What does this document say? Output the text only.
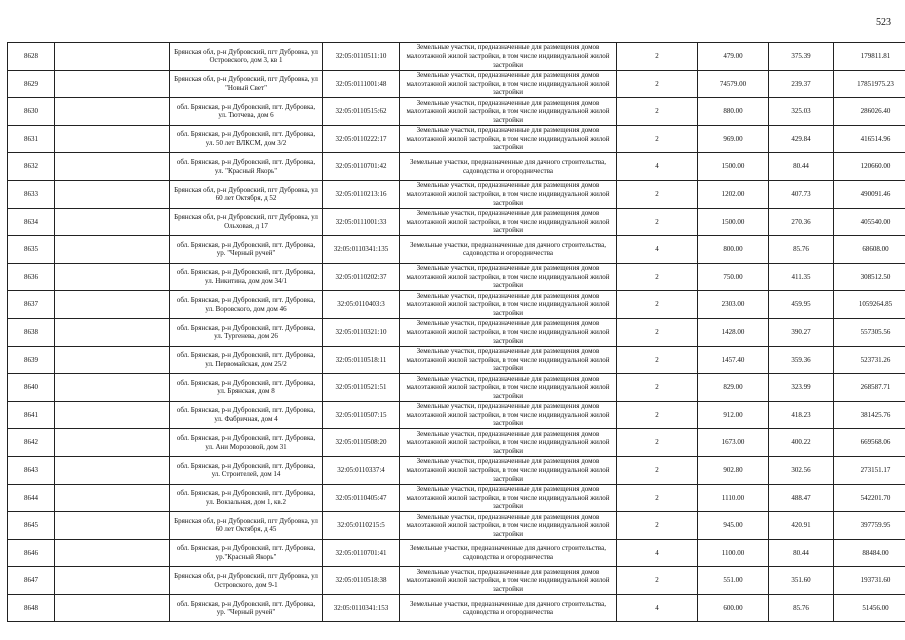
523
8628		Брянская обл, р-н Дубровский, пгт Дубровка, ул Островского, дом 3, кв 1	32:05:0110511:10	Земельные участки, предназначенные для размещения домов малоэтажной жилой застройки, в том числе индивидуальной жилой застройки	2	479.00	375.39	179811.81
8629		Брянская обл, р-н Дубровский, пгт Дубровка, ул "Новый Свет"	32:05:0111001:48	Земельные участки, предназначенные для размещения домов малоэтажной жилой застройки, в том числе индивидуальной жилой застройки	2	74579.00	239.37	17851975.23
8630		обл. Брянская, р-н Дубровский, пгт. Дубровка, ул. Тютчева, дом 6	32:05:0110515:62	Земельные участки, предназначенные для размещения домов малоэтажной жилой застройки, в том числе индивидуальной жилой застройки	2	880.00	325.03	286026.40
8631		обл. Брянская, р-н Дубровский, пгт. Дубровка, ул. 50 лет ВЛКСМ, дом 3/2	32:05:0110222:17	Земельные участки, предназначенные для размещения домов малоэтажной жилой застройки, в том числе индивидуальной жилой застройки	2	969.00	429.84	416514.96
8632		обл. Брянская, р-н Дубровский, пгт. Дубровка, ул. "Красный Якорь"	32:05:0110701:42	Земельные участки, предназначенные для дачного строительства, садоводства и огородничества	4	1500.00	80.44	120660.00
8633		Брянская обл, р-н Дубровский, пгт Дубровка, ул 60 лет Октября, д 52	32:05:0110213:16	Земельные участки, предназначенные для размещения домов малоэтажной жилой застройки, в том числе индивидуальной жилой застройки	2	1202.00	407.73	490091.46
8634		Брянская обл, р-н Дубровский, пгт Дубровка, ул Ольховая, д 17	32:05:0111001:33	Земельные участки, предназначенные для размещения домов малоэтажной жилой застройки, в том числе индивидуальной жилой застройки	2	1500.00	270.36	405540.00
8635		обл. Брянская, р-н Дубровский, пгт. Дубровка, ур. "Черный ручей"	32:05:0110341:135	Земельные участки, предназначенные для дачного строительства, садоводства и огородничества	4	800.00	85.76	68608.00
8636		обл. Брянская, р-н Дубровский, пгт. Дубровка, ул. Никитина, дом дом 34/1	32:05:0110202:37	Земельные участки, предназначенные для размещения домов малоэтажной жилой застройки, в том числе индивидуальной жилой застройки	2	750.00	411.35	308512.50
8637		обл. Брянская, р-н Дубровский, пгт. Дубровка, ул. Воровского, дом дом 46	32:05:0110403:3	Земельные участки, предназначенные для размещения домов малоэтажной жилой застройки, в том числе индивидуальной жилой застройки	2	2303.00	459.95	1059264.85
8638		обл. Брянская, р-н Дубровский, пгт. Дубровка, ул. Тургенева, дом 26	32:05:0110321:10	Земельные участки, предназначенные для размещения домов малоэтажной жилой застройки, в том числе индивидуальной жилой застройки	2	1428.00	390.27	557305.56
8639		обл. Брянская, р-н Дубровский, пгт. Дубровка, ул. Первомайская, дом 25/2	32:05:0110518:11	Земельные участки, предназначенные для размещения домов малоэтажной жилой застройки, в том числе индивидуальной жилой застройки	2	1457.40	359.36	523731.26
8640		обл. Брянская, р-н Дубровский, пгт. Дубровка, ул. Брянская, дом 8	32:05:0110521:51	Земельные участки, предназначенные для размещения домов малоэтажной жилой застройки, в том числе индивидуальной жилой застройки	2	829.00	323.99	268587.71
8641		обл. Брянская, р-н Дубровский, пгт. Дубровка, ул. Фабричная, дом 4	32:05:0110507:15	Земельные участки, предназначенные для размещения домов малоэтажной жилой застройки, в том числе индивидуальной жилой застройки	2	912.00	418.23	381425.76
8642		обл. Брянская, р-н Дубровский, пгт. Дубровка, ул. Ани Морозовой, дом 31	32:05:0110508:20	Земельные участки, предназначенные для размещения домов малоэтажной жилой застройки, в том числе индивидуальной жилой застройки	2	1673.00	400.22	669568.06
8643		обл. Брянская, р-н Дубровский, пгт. Дубровка, ул. Строителей, дом 14	32:05:0110337:4	Земельные участки, предназначенные для размещения домов малоэтажной жилой застройки, в том числе индивидуальной жилой застройки	2	902.80	302.56	273151.17
8644		обл. Брянская, р-н Дубровский, пгт. Дубровка, ул. Вокзальная, дом 1, кв.2	32:05:0110405:47	Земельные участки, предназначенные для размещения домов малоэтажной жилой застройки, в том числе индивидуальной жилой застройки	2	1110.00	488.47	542201.70
8645		Брянская обл, р-н Дубровский, пгт Дубровка, ул 60 лет Октября, д 45	32:05:0110215:5	Земельные участки, предназначенные для размещения домов малоэтажной жилой застройки, в том числе индивидуальной жилой застройки	2	945.00	420.91	397759.95
8646		обл. Брянская, р-н Дубровский, пгт. Дубровка, ур."Красный Якорь"	32:05:0110701:41	Земельные участки, предназначенные для дачного строительства, садоводства и огородничества	4	1100.00	80.44	88484.00
8647		Брянская обл, р-н Дубровский, пгт Дубровка, ул Островского, дом 9-1	32:05:0110518:38	Земельные участки, предназначенные для размещения домов малоэтажной жилой застройки, в том числе индивидуальной жилой застройки	2	551.00	351.60	193731.60
8648		обл. Брянская, р-н Дубровский, пгт. Дубровка, ур. "Черный ручей"	32:05:0110341:153	Земельные участки, предназначенные для дачного строительства, садоводства и огородничества	4	600.00	85.76	51456.00
